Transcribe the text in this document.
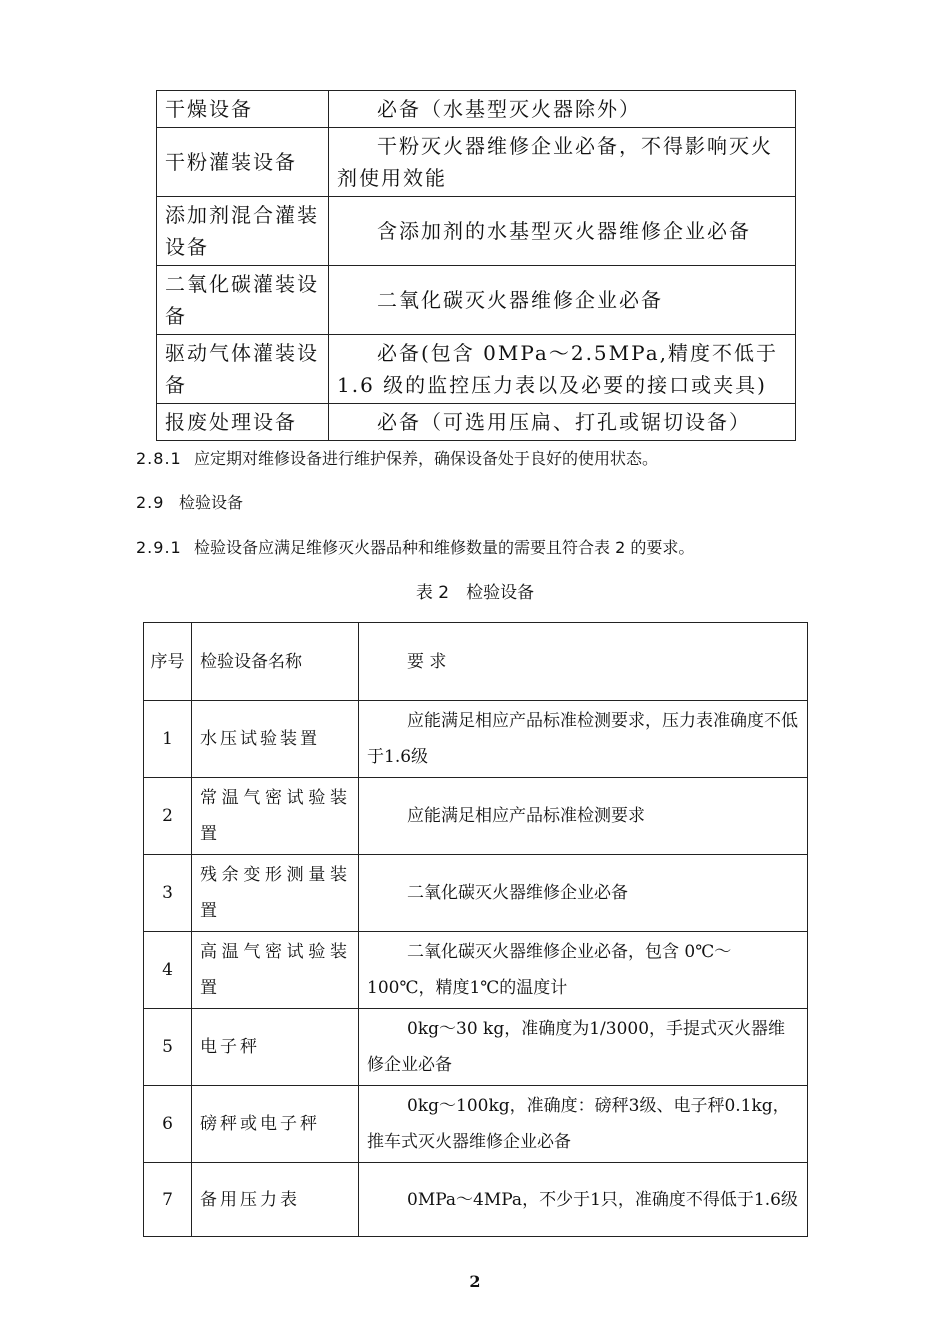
干燥设备	必备（水基型灭火器除外）
干粉灌装设备	干粉灭火器维修企业必备，不得影响灭火剂使用效能
添加剂混合灌装设备	含添加剂的水基型灭火器维修企业必备
二氧化碳灌装设备	二氧化碳灭火器维修企业必备
驱动气体灌装设备	必备(包含 0MPa～2.5MPa,精度不低于 1.6 级的监控压力表以及必要的接口或夹具)
报废处理设备	必备（可选用压扁、打孔或锯切设备）
2.8.1 应定期对维修设备进行维护保养，确保设备处于良好的使用状态。
2.9 检验设备
2.9.1 检验设备应满足维修灭火器品种和维修数量的需要且符合表 2 的要求。
表 2　检验设备
序号	检验设备名称	要 求
1	水压试验装置	应能满足相应产品标准检测要求，压力表准确度不低于1.6级
2	常温气密试验装置	应能满足相应产品标准检测要求
3	残余变形测量装置	二氧化碳灭火器维修企业必备
4	高温气密试验装置	二氧化碳灭火器维修企业必备，包含 0℃～100℃，精度1℃的温度计
5	电子秤	0kg～30 kg，准确度为1/3000，手提式灭火器维修企业必备
6	磅秤或电子秤	0kg～100kg，准确度：磅秤3级、电子秤0.1kg，推车式灭火器维修企业必备
7	备用压力表	0MPa～4MPa，不少于1只，准确度不得低于1.6级
2
